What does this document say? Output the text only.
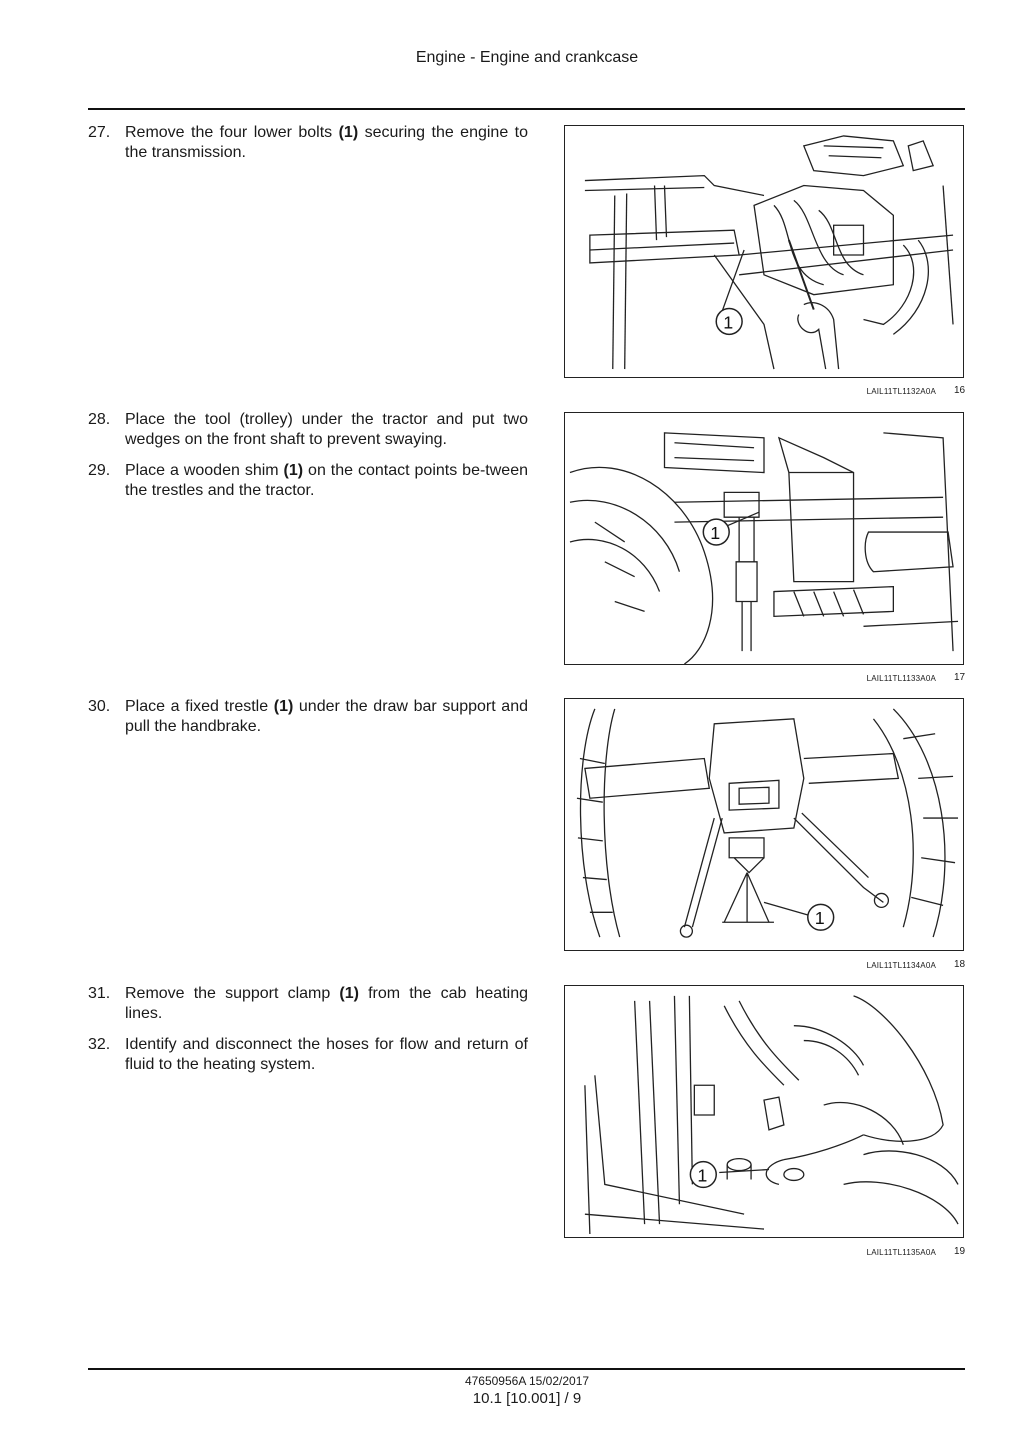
Engine - Engine and crankcase
27. Remove the four lower bolts (1) securing the engine to the transmission.
1
LAIL11TL1132A0A 16
28. Place the tool (trolley) under the tractor and put two wedges on the front shaft to prevent swaying.
29. Place a wooden shim (1) on the contact points be-tween the trestles and the tractor.
1
LAIL11TL1133A0A 17
30. Place a fixed trestle (1) under the draw bar support and pull the handbrake.
1
LAIL11TL1134A0A 18
31. Remove the support clamp (1) from the cab heating lines.
32. Identify and disconnect the hoses for flow and return of fluid to the heating system.
1
LAIL11TL1135A0A 19
47650956A 15/02/2017
10.1 [10.001] / 9
